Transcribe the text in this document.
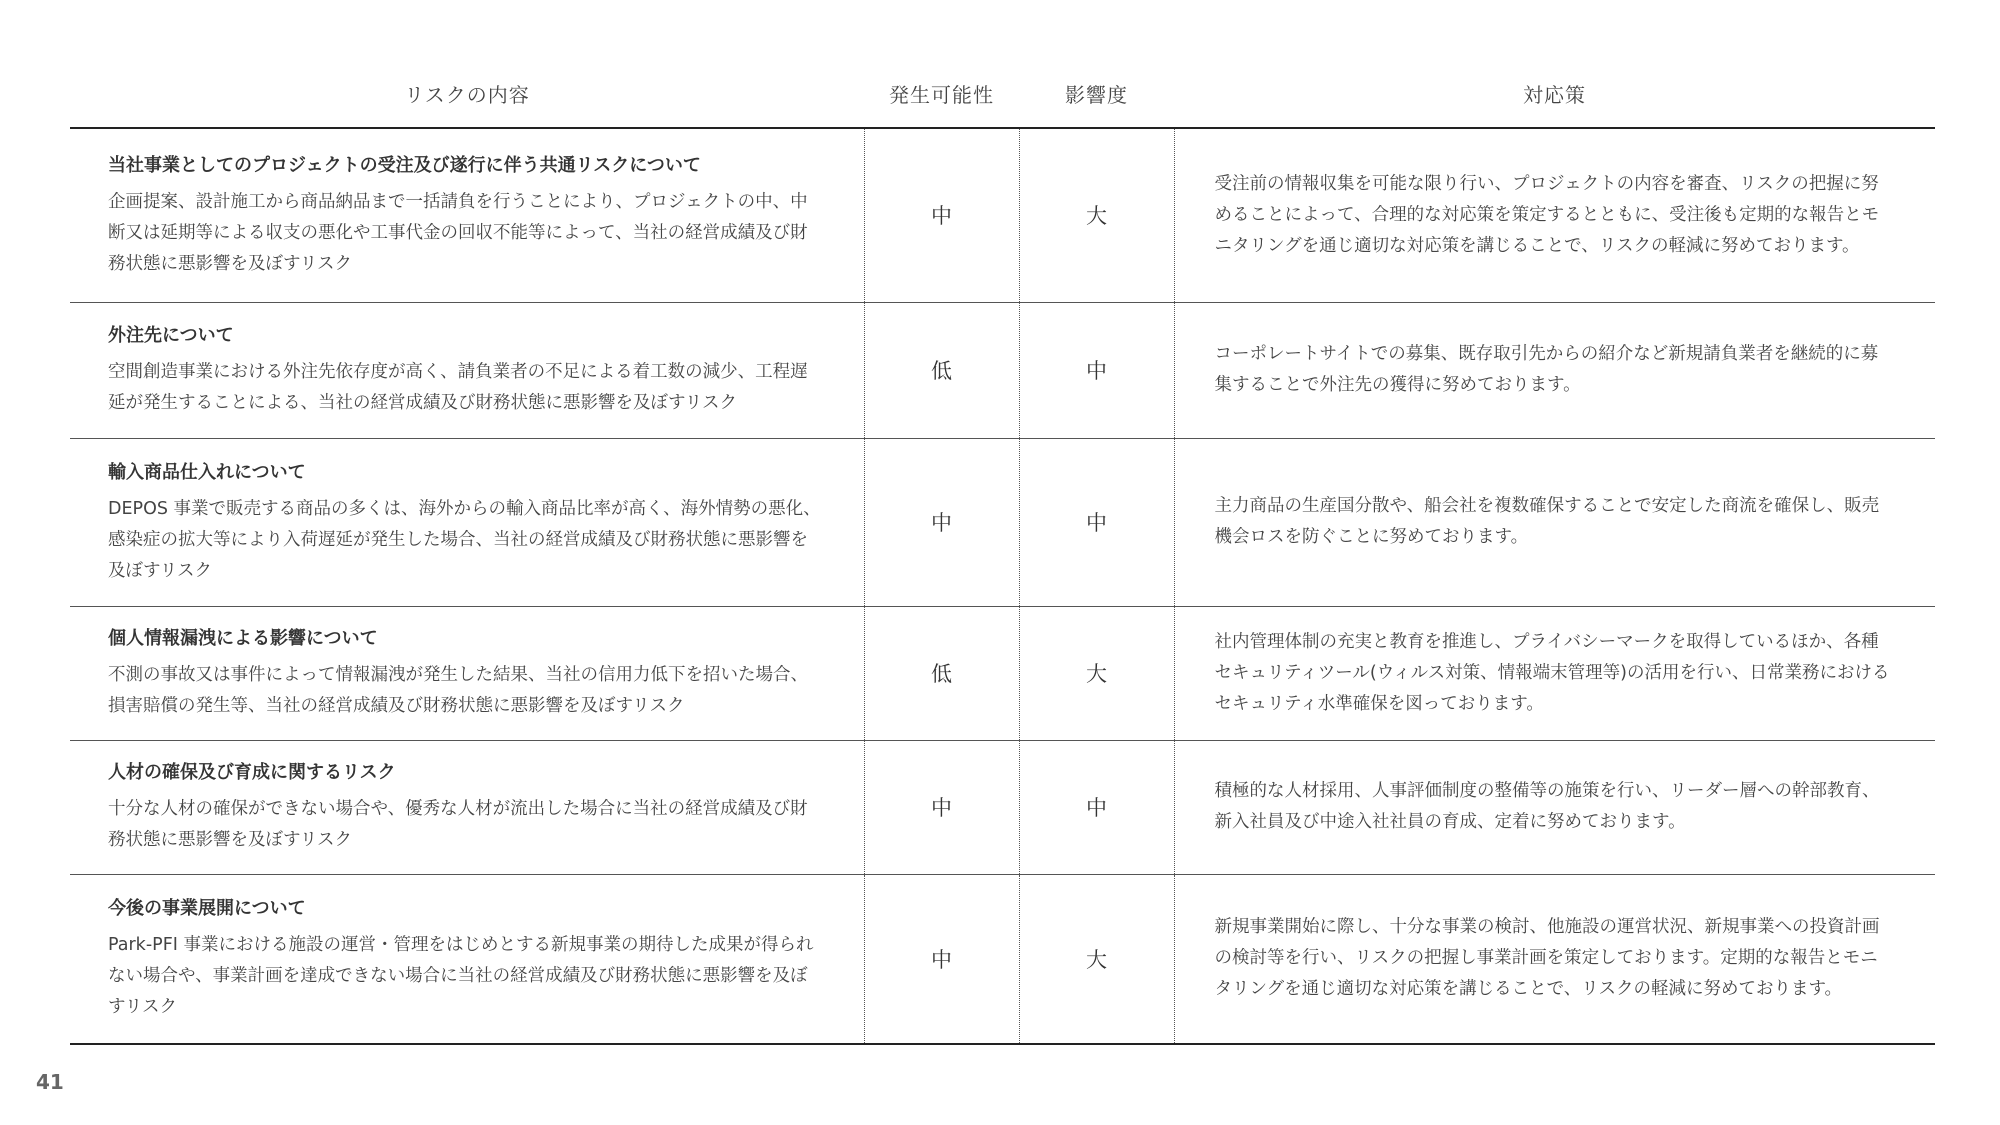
リスクの内容	発生可能性	影響度	対応策

当社事業としてのプロジェクトの受注及び遂行に伴う共通リスクについて
企画提案、設計施工から商品納品まで一括請負を行うことにより、プロジェクトの中、中断又は延期等による収支の悪化や工事代金の回収不能等によって、当社の経営成績及び財務状態に悪影響を及ぼすリスク	中	大	受注前の情報収集を可能な限り行い、プロジェクトの内容を審査、リスクの把握に努めることによって、合理的な対応策を策定するとともに、受注後も定期的な報告とモニタリングを通じ適切な対応策を講じることで、リスクの軽減に努めております。

外注先について
空間創造事業における外注先依存度が高く、請負業者の不足による着工数の減少、工程遅延が発生することによる、当社の経営成績及び財務状態に悪影響を及ぼすリスク	低	中	コーポレートサイトでの募集、既存取引先からの紹介など新規請負業者を継続的に募集することで外注先の獲得に努めております。

輸入商品仕入れについて
DEPOS 事業で販売する商品の多くは、海外からの輸入商品比率が高く、海外情勢の悪化、感染症の拡大等により入荷遅延が発生した場合、当社の経営成績及び財務状態に悪影響を及ぼすリスク	中	中	主力商品の生産国分散や、船会社を複数確保することで安定した商流を確保し、販売機会ロスを防ぐことに努めております。

個人情報漏洩による影響について
不測の事故又は事件によって情報漏洩が発生した結果、当社の信用力低下を招いた場合、損害賠償の発生等、当社の経営成績及び財務状態に悪影響を及ぼすリスク	低	大	社内管理体制の充実と教育を推進し、プライバシーマークを取得しているほか、各種セキュリティツール(ウィルス対策、情報端末管理等)の活用を行い、日常業務におけるセキュリティ水準確保を図っております。

人材の確保及び育成に関するリスク
十分な人材の確保ができない場合や、優秀な人材が流出した場合に当社の経営成績及び財務状態に悪影響を及ぼすリスク	中	中	積極的な人材採用、人事評価制度の整備等の施策を行い、リーダー層への幹部教育、新入社員及び中途入社社員の育成、定着に努めております。

今後の事業展開について
Park-PFI 事業における施設の運営・管理をはじめとする新規事業の期待した成果が得られない場合や、事業計画を達成できない場合に当社の経営成績及び財務状態に悪影響を及ぼすリスク	中	大	新規事業開始に際し、十分な事業の検討、他施設の運営状況、新規事業への投資計画の検討等を行い、リスクの把握し事業計画を策定しております。定期的な報告とモニタリングを通じ適切な対応策を講じることで、リスクの軽減に努めております。
41
